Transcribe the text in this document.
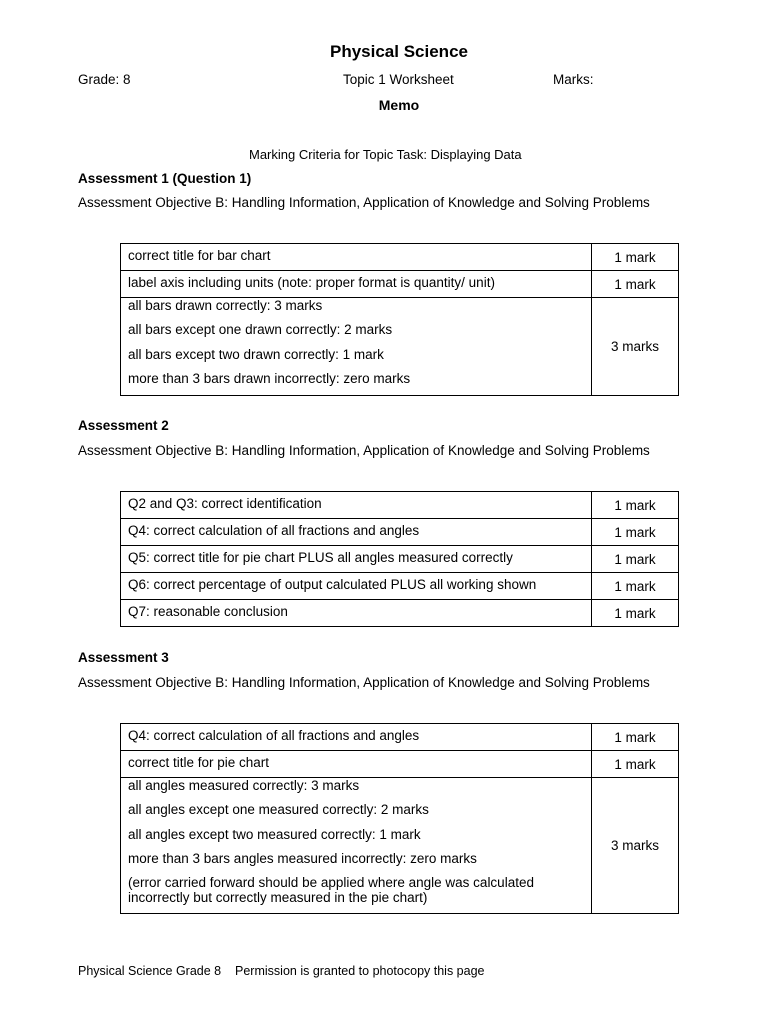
Physical Science
Grade: 8	Topic 1 Worksheet	Marks:
Memo
Marking Criteria for Topic Task: Displaying Data
Assessment 1 (Question 1)
Assessment Objective B: Handling Information, Application of Knowledge and Solving Problems
correct title for bar chart	1 mark
label axis including units (note: proper format is quantity/ unit)	1 mark

all bars drawn correctly: 3 marks
all bars except one drawn correctly: 2 marks
all bars except two drawn correctly: 1 mark
more than 3 bars drawn incorrectly: zero marks	3 marks
Assessment 2
Assessment Objective B: Handling Information, Application of Knowledge and Solving Problems
Q2 and Q3: correct identification	1 mark
Q4: correct calculation of all fractions and angles	1 mark
Q5: correct title for pie chart PLUS all angles measured correctly	1 mark
Q6: correct percentage of output calculated PLUS all working shown	1 mark
Q7: reasonable conclusion	1 mark
Assessment 3
Assessment Objective B: Handling Information, Application of Knowledge and Solving Problems
Q4: correct calculation of all fractions and angles	1 mark
correct title for pie chart	1 mark

all angles measured correctly: 3 marks
all angles except one measured correctly: 2 marks
all angles except two measured correctly: 1 mark
more than 3 bars angles measured incorrectly: zero marks
(error carried forward should be applied where angle was calculated incorrectly but correctly measured in the pie chart)	3 marks
Physical Science Grade 8    Permission is granted to photocopy this page
